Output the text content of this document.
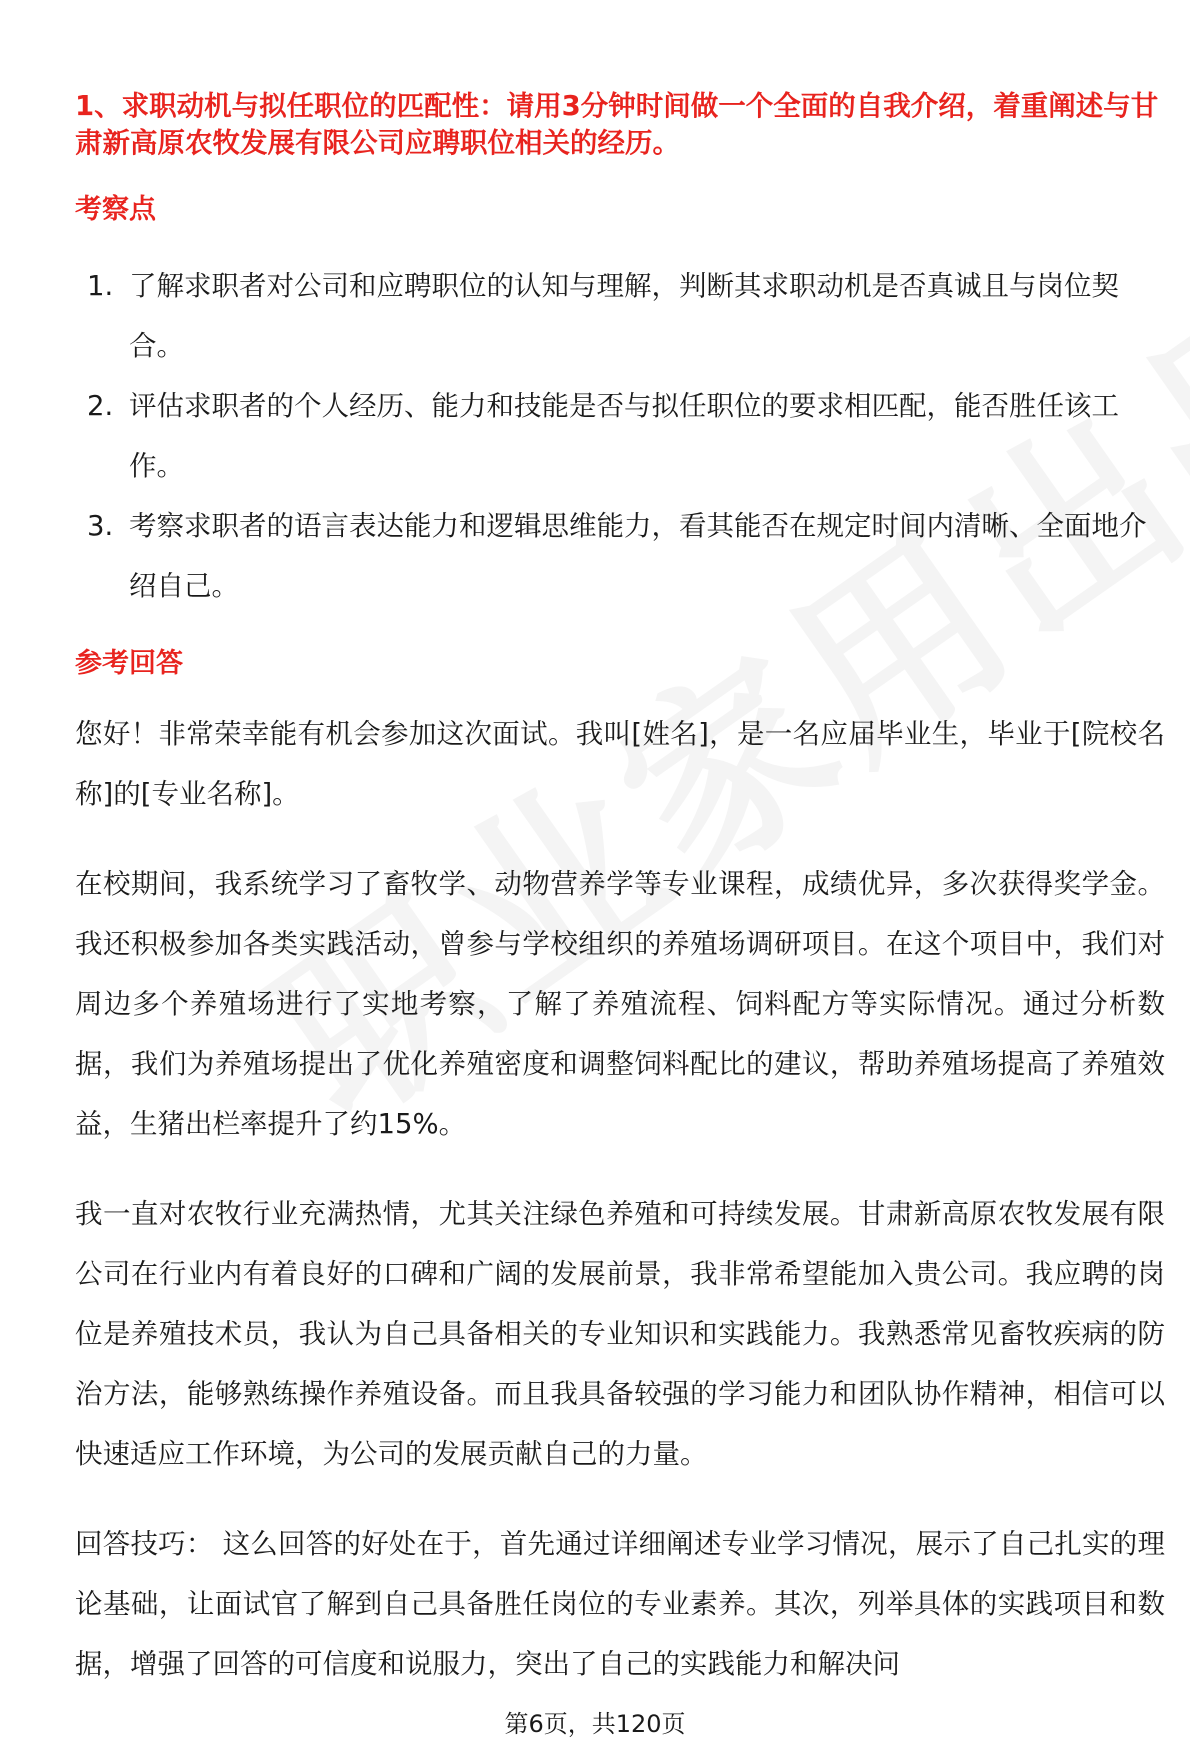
1、求职动机与拟任职位的匹配性：请用3分钟时间做一个全面的自我介绍，着重阐述与甘肃新高原农牧发展有限公司应聘职位相关的经历。

考察点

1. 了解求职者对公司和应聘职位的认知与理解，判断其求职动机是否真诚且与岗位契合。
2. 评估求职者的个人经历、能力和技能是否与拟任职位的要求相匹配，能否胜任该工作。
3. 考察求职者的语言表达能力和逻辑思维能力，看其能否在规定时间内清晰、全面地介绍自己。

参考回答

您好！非常荣幸能有机会参加这次面试。我叫[姓名]，是一名应届毕业生，毕业于[院校名称]的[专业名称]。

在校期间，我系统学习了畜牧学、动物营养学等专业课程，成绩优异，多次获得奖学金。我还积极参加各类实践活动，曾参与学校组织的养殖场调研项目。在这个项目中，我们对周边多个养殖场进行了实地考察，了解了养殖流程、饲料配方等实际情况。通过分析数据，我们为养殖场提出了优化养殖密度和调整饲料配比的建议，帮助养殖场提高了养殖效益，生猪出栏率提升了约15%。

我一直对农牧行业充满热情，尤其关注绿色养殖和可持续发展。甘肃新高原农牧发展有限公司在行业内有着良好的口碑和广阔的发展前景，我非常希望能加入贵公司。我应聘的岗位是养殖技术员，我认为自己具备相关的专业知识和实践能力。我熟悉常见畜牧疾病的防治方法，能够熟练操作养殖设备。而且我具备较强的学习能力和团队协作精神，相信可以快速适应工作环境，为公司的发展贡献自己的力量。

回答技巧： 这么回答的好处在于，首先通过详细阐述专业学习情况，展示了自己扎实的理论基础，让面试官了解到自己具备胜任岗位的专业素养。其次，列举具体的实践项目和数据，增强了回答的可信度和说服力，突出了自己的实践能力和解决问

第6页，共120页
